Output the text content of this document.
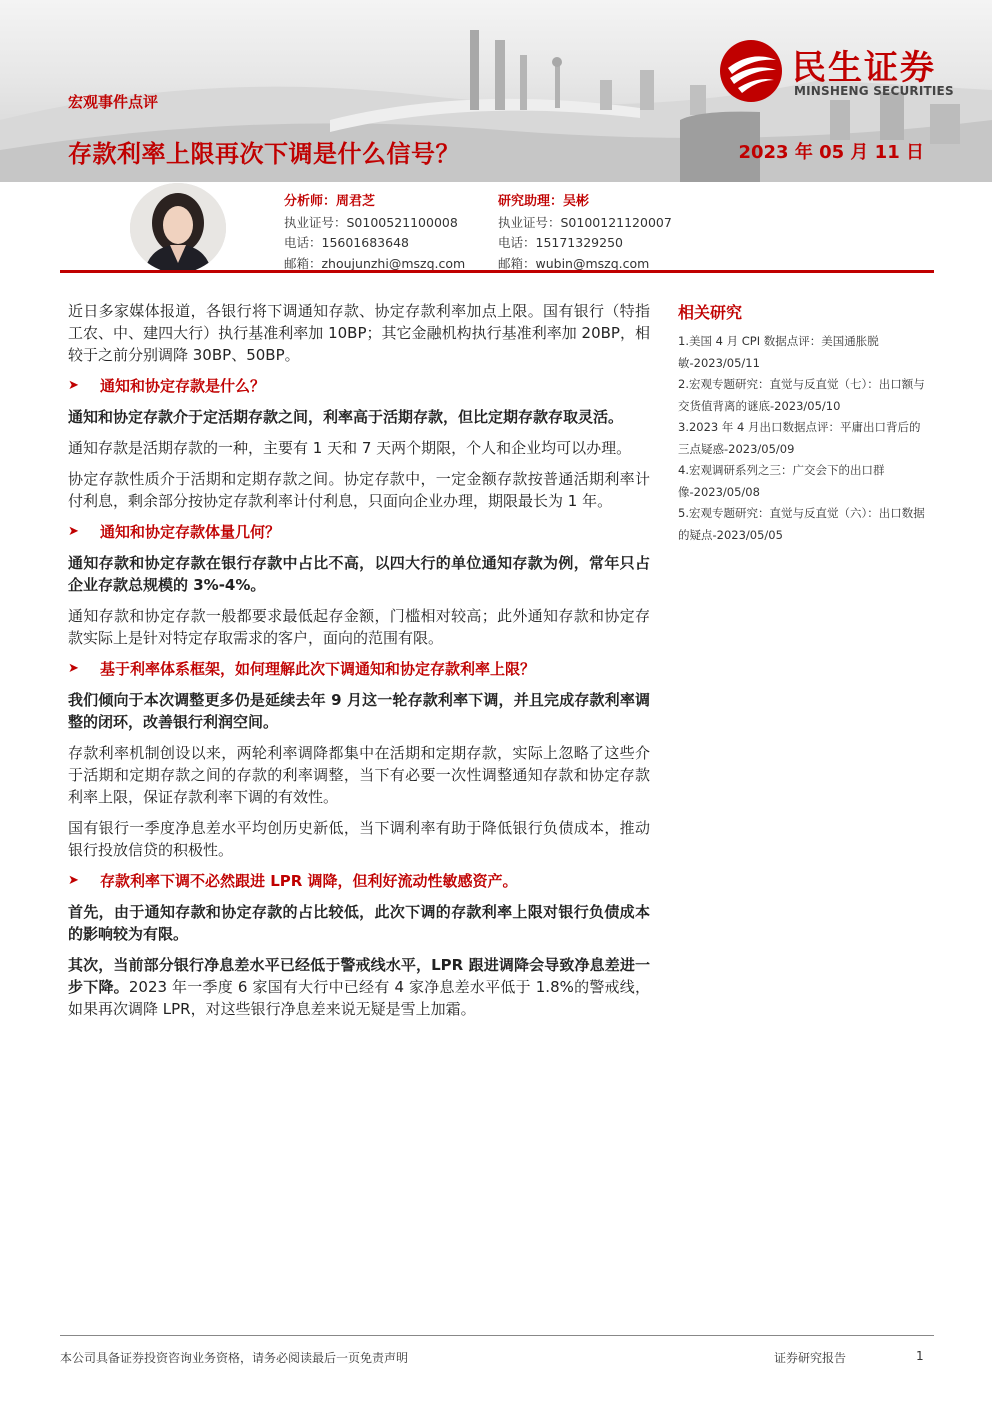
宏观事件点评
存款利率上限再次下调是什么信号？	2023 年 05 月 11 日
民生证券
MINSHENG SECURITIES
分析师：周君芝
执业证号：S0100521100008
电话：15601683648
邮箱：zhoujunzhi@mszq.com
研究助理：吴彬
执业证号：S0100121120007
电话：15171329250
邮箱：wubin@mszq.com

近日多家媒体报道，各银行将下调通知存款、协定存款利率加点上限。国有银行（特指工农、中、建四大行）执行基准利率加 10BP；其它金融机构执行基准利率加 20BP，相较于之前分别调降 30BP、50BP。

➤	通知和协定存款是什么？

通知和协定存款介于定活期存款之间，利率高于活期存款，但比定期存款存取灵活。

通知存款是活期存款的一种，主要有 1 天和 7 天两个期限，个人和企业均可以办理。

协定存款性质介于活期和定期存款之间。协定存款中，一定金额存款按普通活期利率计付利息，剩余部分按协定存款利率计付利息，只面向企业办理，期限最长为 1 年。

➤	通知和协定存款体量几何？

通知存款和协定存款在银行存款中占比不高，以四大行的单位通知存款为例，常年只占企业存款总规模的 3%-4%。

通知存款和协定存款一般都要求最低起存金额，门槛相对较高；此外通知存款和协定存款实际上是针对特定存取需求的客户，面向的范围有限。

➤	基于利率体系框架，如何理解此次下调通知和协定存款利率上限？

我们倾向于本次调整更多仍是延续去年 9 月这一轮存款利率下调，并且完成存款利率调整的闭环，改善银行利润空间。

存款利率机制创设以来，两轮利率调降都集中在活期和定期存款，实际上忽略了这些介于活期和定期存款之间的存款的利率调整，当下有必要一次性调整通知存款和协定存款利率上限，保证存款利率下调的有效性。

国有银行一季度净息差水平均创历史新低，当下调利率有助于降低银行负债成本，推动银行投放信贷的积极性。

➤	存款利率下调不必然跟进 LPR 调降，但利好流动性敏感资产。

首先，由于通知存款和协定存款的占比较低，此次下调的存款利率上限对银行负债成本的影响较为有限。

其次，当前部分银行净息差水平已经低于警戒线水平，LPR 跟进调降会导致净息差进一步下降。2023 年一季度 6 家国有大行中已经有 4 家净息差水平低于 1.8%的警戒线，如果再次调降 LPR，对这些银行净息差来说无疑是雪上加霜。

相关研究
1.美国 4 月 CPI 数据点评：美国通胀脱敏-2023/05/11
2.宏观专题研究：直觉与反直觉（七）：出口额与交货值背离的谜底-2023/05/10
3.2023 年 4 月出口数据点评：平庸出口背后的三点疑惑-2023/05/09
4.宏观调研系列之三：广交会下的出口群像-2023/05/08
5.宏观专题研究：直觉与反直觉（六）：出口数据的疑点-2023/05/05
本公司具备证券投资咨询业务资格，请务必阅读最后一页免责声明	证券研究报告	1
